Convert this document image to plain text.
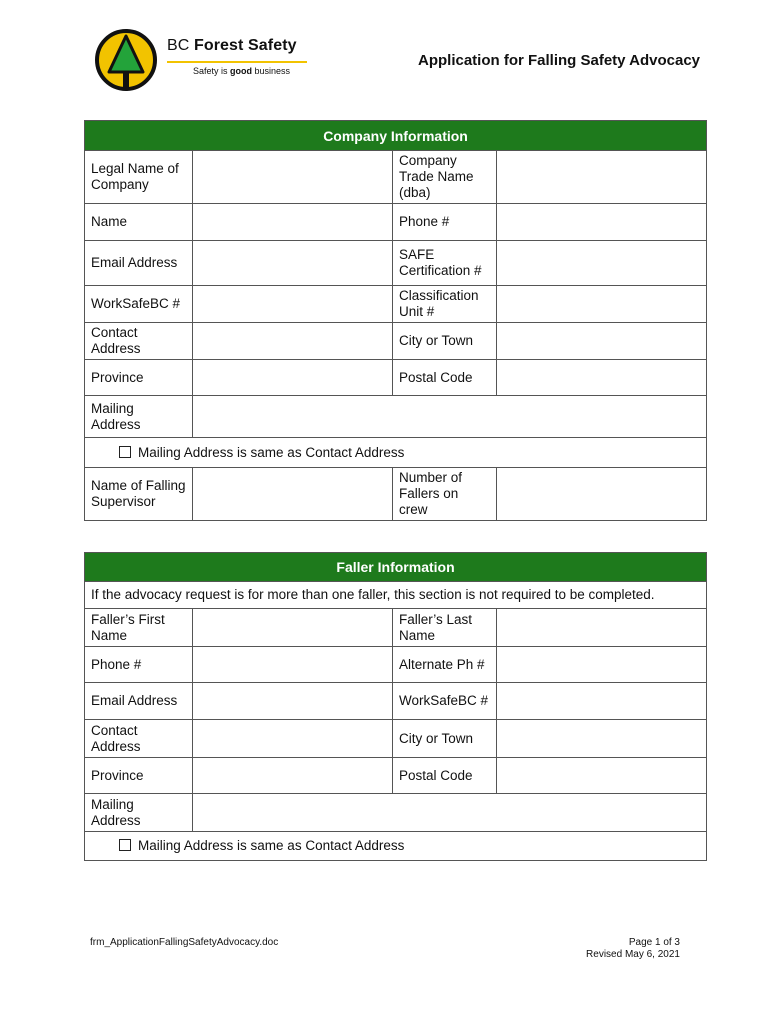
BC Forest Safety
Safety is good business
Application for Falling Safety Advocacy
Company Information			
Legal Name of Company		Company Trade Name (dba)	
Name		Phone #	
Email Address		SAFE Certification #	
WorkSafeBC #		Classification Unit #	
Contact Address		City or Town	
Province		Postal Code	
Mailing Address			
Mailing Address is same as Contact Address			
Name of Falling Supervisor		Number of Fallers on crew	
Faller Information			
If the advocacy request is for more than one faller, this section is not required to be completed.			
Faller’s First Name		Faller’s Last Name	
Phone #		Alternate Ph #	
Email Address		WorkSafeBC #	
Contact Address		City or Town	
Province		Postal Code	
Mailing Address			
Mailing Address is same as Contact Address			
frm_ApplicationFallingSafetyAdvocacy.doc	Page 1 of 3
Revised May 6, 2021
